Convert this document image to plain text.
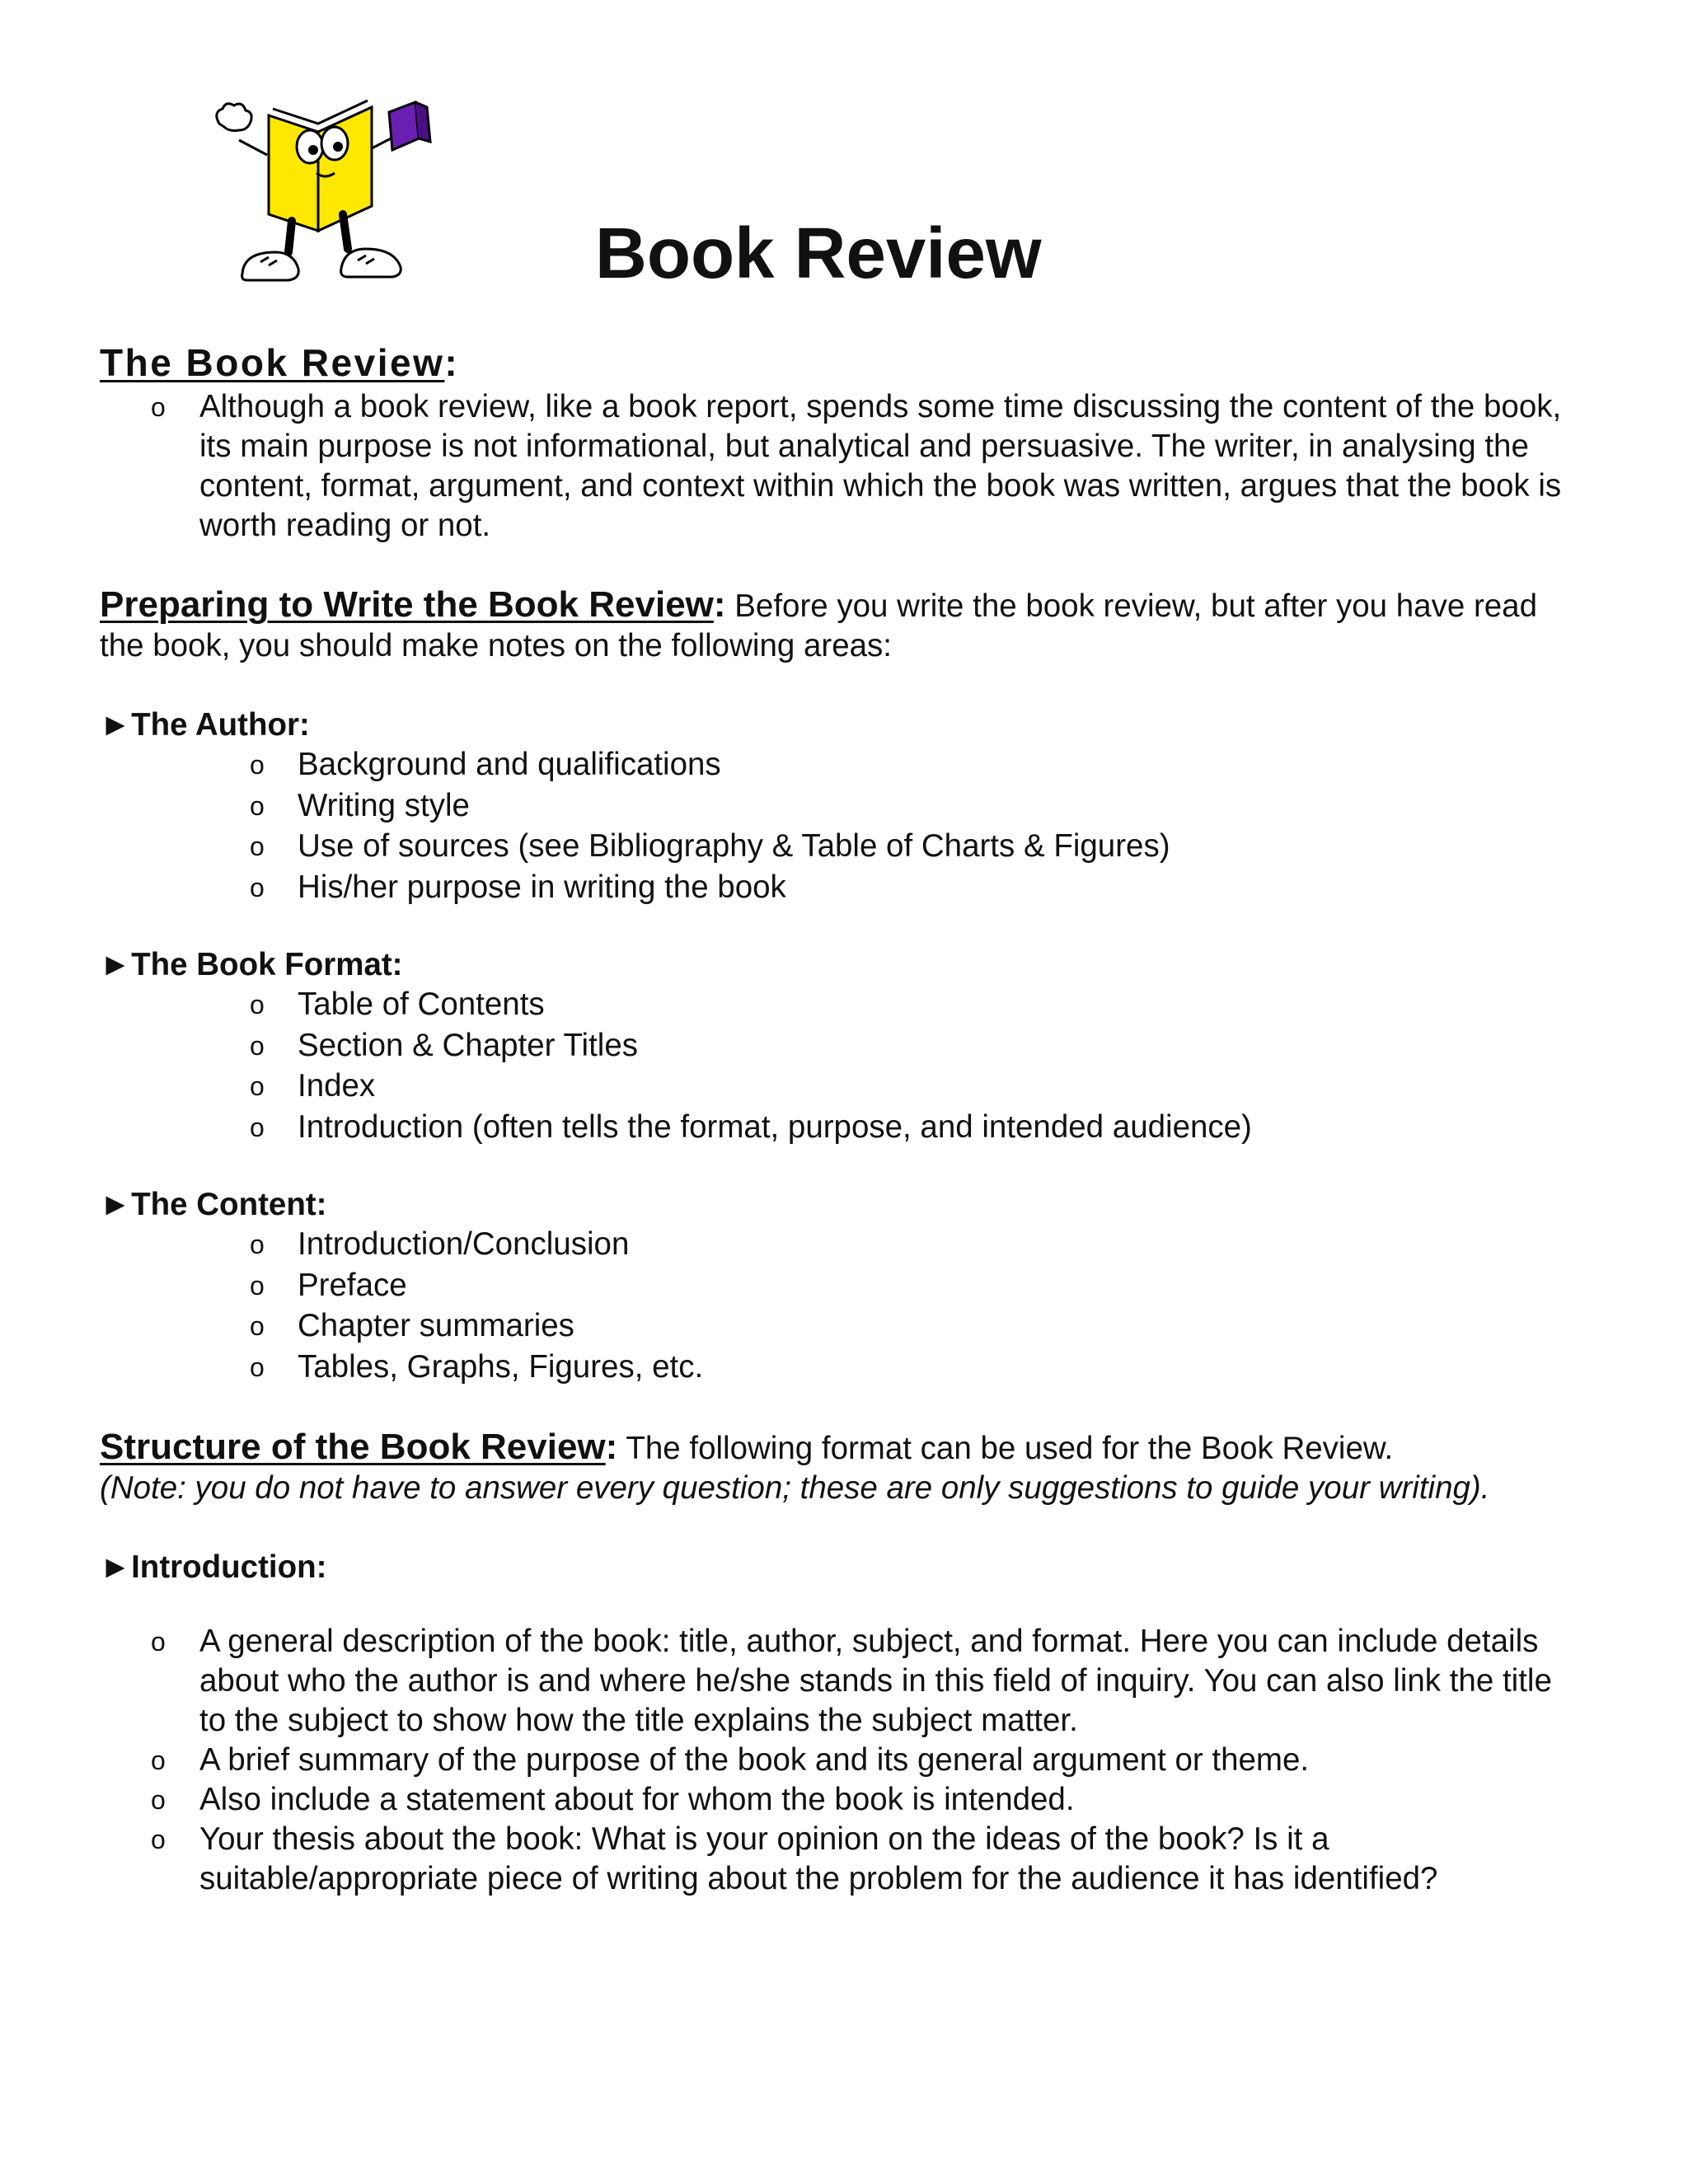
Book Review
The Book Review:
o Although a book review, like a book report, spends some time discussing the content of the book, its main purpose is not informational, but analytical and persuasive. The writer, in analysing the content, format, argument, and context within which the book was written, argues that the book is worth reading or not.

Preparing to Write the Book Review: Before you write the book review, but after you have read the book, you should make notes on the following areas:

►The Author:

o Background and qualifications
o Writing style
o Use of sources (see Bibliography & Table of Charts & Figures)
o His/her purpose in writing the book

►The Book Format:

o Table of Contents
o Section & Chapter Titles
o Index
o Introduction (often tells the format, purpose, and intended audience)

►The Content:

o Introduction/Conclusion
o Preface
o Chapter summaries
o Tables, Graphs, Figures, etc.

Structure of the Book Review: The following format can be used for the Book Review.

(Note: you do not have to answer every question; these are only suggestions to guide your writing).

►Introduction:

o A general description of the book: title, author, subject, and format. Here you can include details about who the author is and where he/she stands in this field of inquiry. You can also link the title to the subject to show how the title explains the subject matter.
o A brief summary of the purpose of the book and its general argument or theme.
o Also include a statement about for whom the book is intended.
o Your thesis about the book: What is your opinion on the ideas of the book? Is it a suitable/appropriate piece of writing about the problem for the audience it has identified?
